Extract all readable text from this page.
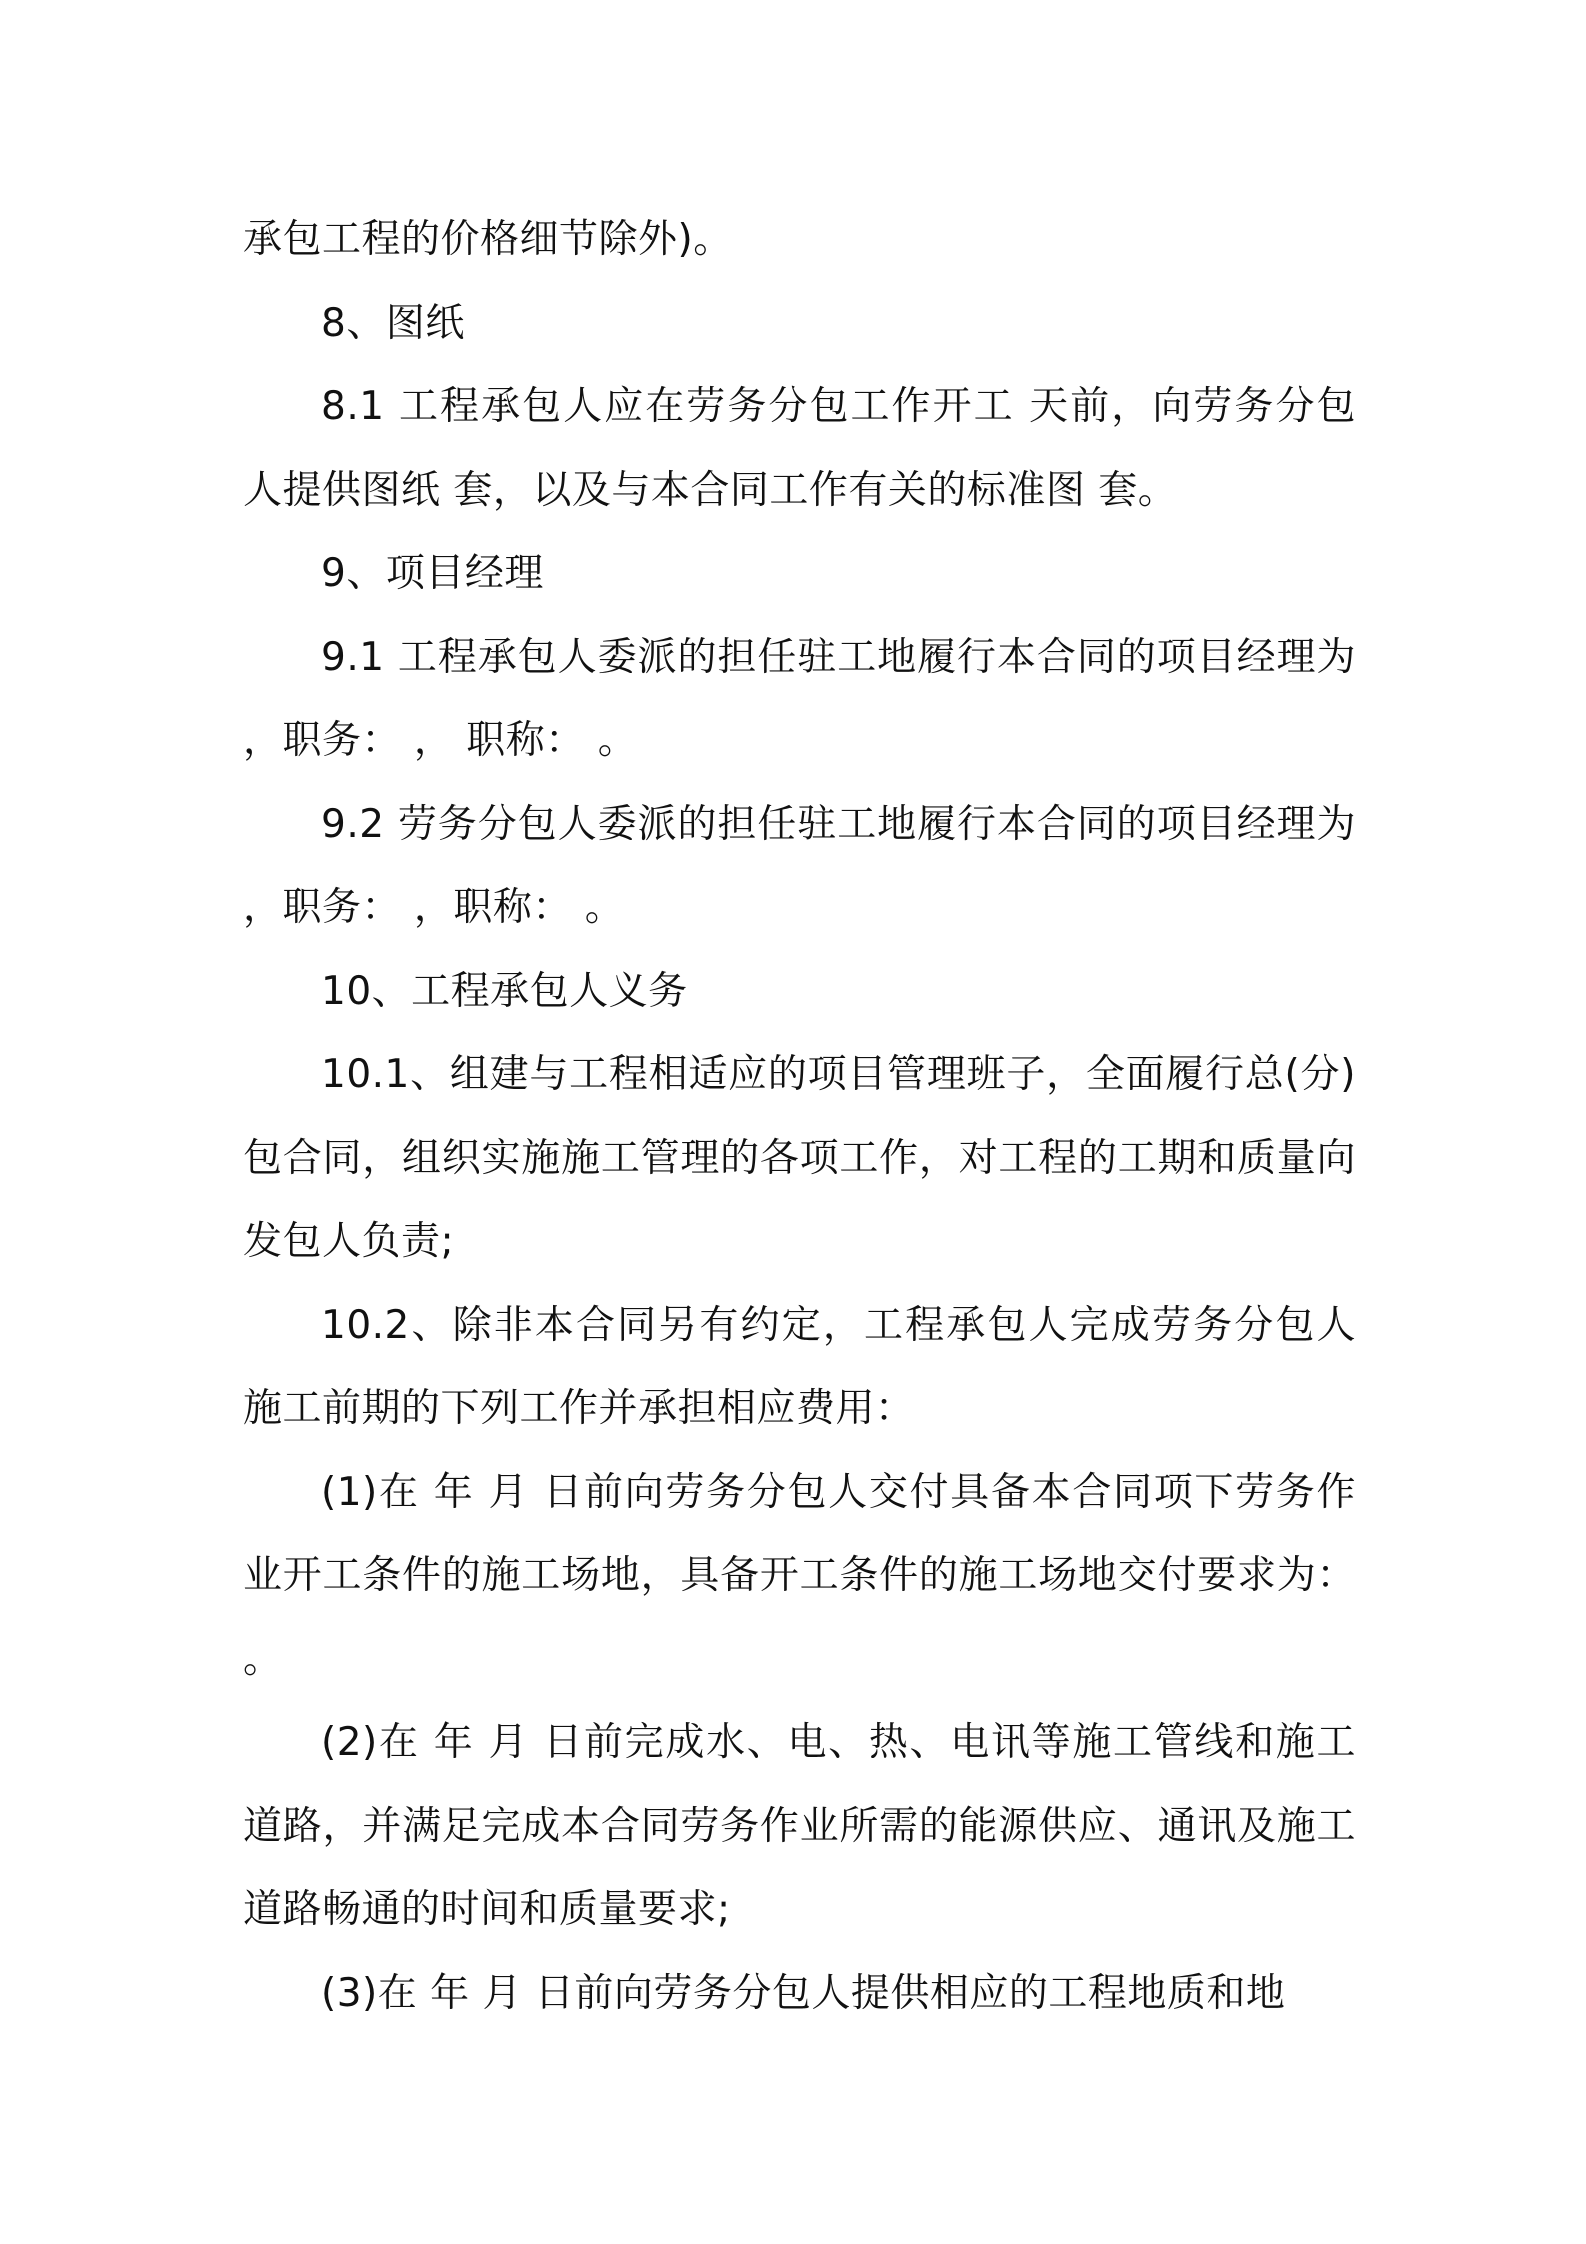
承包工程的价格细节除外)。

8、图纸

8.1 工程承包人应在劳务分包工作开工 天前，向劳务分包人提供图纸 套，以及与本合同工作有关的标准图 套。

9、项目经理

9.1 工程承包人委派的担任驻工地履行本合同的项目经理为 ，职务： ， 职称： 。

9.2 劳务分包人委派的担任驻工地履行本合同的项目经理为 ，职务： ，职称： 。

10、工程承包人义务

10.1、组建与工程相适应的项目管理班子，全面履行总(分)包合同，组织实施施工管理的各项工作，对工程的工期和质量向发包人负责;

10.2、除非本合同另有约定，工程承包人完成劳务分包人施工前期的下列工作并承担相应费用：

(1)在 年 月 日前向劳务分包人交付具备本合同项下劳务作业开工条件的施工场地，具备开工条件的施工场地交付要求为： 。

(2)在 年 月 日前完成水、电、热、电讯等施工管线和施工道路，并满足完成本合同劳务作业所需的能源供应、通讯及施工道路畅通的时间和质量要求;

(3)在 年 月 日前向劳务分包人提供相应的工程地质和地
